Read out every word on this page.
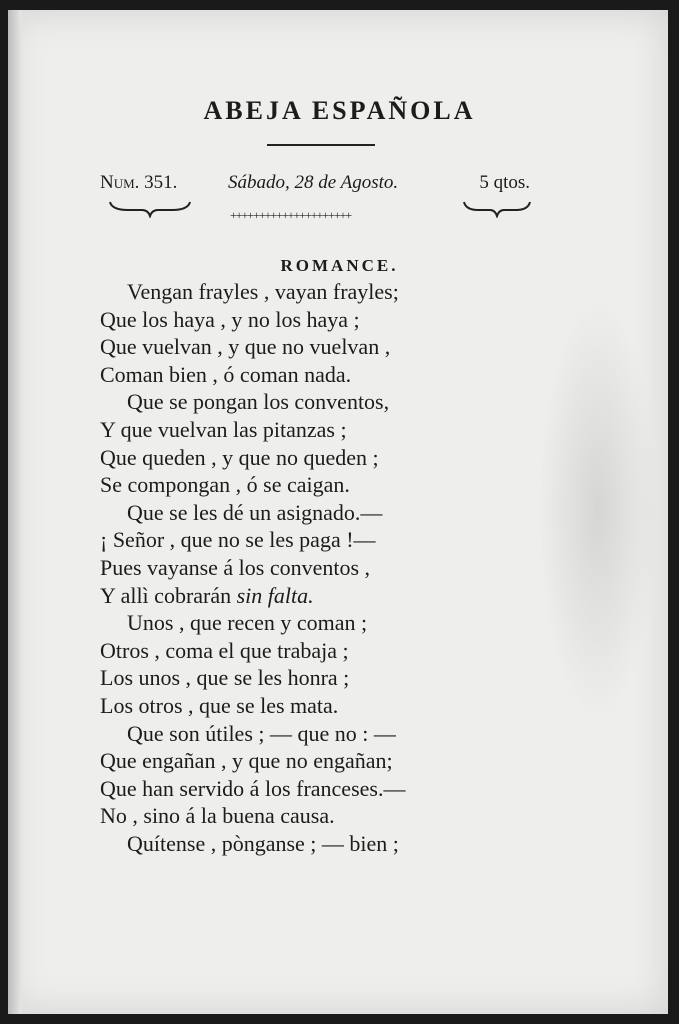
ABEJA ESPAÑOLA
Num. 351.	Sábado, 28 de Agosto.	5 qtos.
+++++++++++++++++++++
ROMANCE.
Vengan frayles , vayan frayles;
Que los haya , y no los haya ;
Que vuelvan , y que no vuelvan ,
Coman bien , ó coman nada.
Que se pongan los conventos,
Y que vuelvan las pitanzas ;
Que queden , y que no queden ;
Se compongan , ó se caigan.
Que se les dé un asignado.—
¡ Señor , que no se les paga !—
Pues vayanse á los conventos ,
Y allì cobrarán sin falta.
Unos , que recen y coman ;
Otros , coma el que trabaja ;
Los unos , que se les honra ;
Los otros , que se les mata.
Que son útiles ; — que no : —
Que engañan , y que no engañan;
Que han servido á los franceses.—
No , sino á la buena causa.
Quítense , pònganse ; — bien ;
